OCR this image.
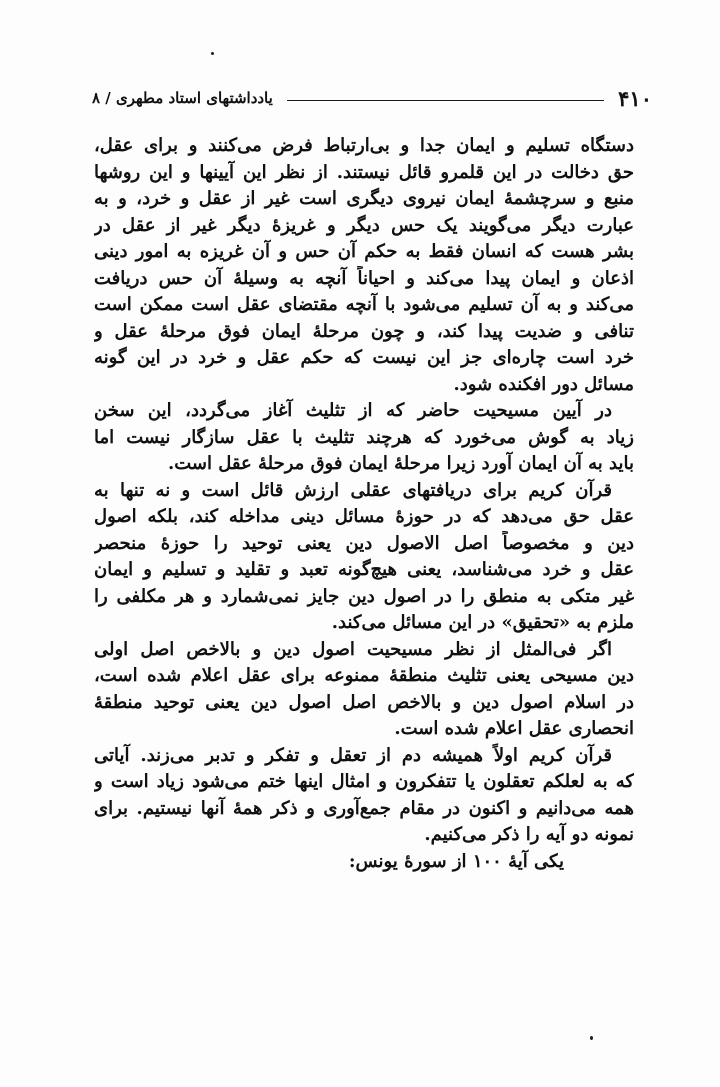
۴۱۰
یادداشتهای استاد مطهری / ۸

دستگاه تسلیم و ایمان جدا و بی‌ارتباط فرض می‌کنند و برای عقل،
حق دخالت در این قلمرو قائل نیستند. از نظر این آیینها و این روشها
منبع و سرچشمهٔ ایمان نیروی دیگری است غیر از عقل و خرد، و به
عبارت دیگر می‌گویند یک حس دیگر و غریزهٔ دیگر غیر از عقل در
بشر هست که انسان فقط به حکم آن حس و آن غریزه به امور دینی
اذعان و ایمان پیدا می‌کند و احیاناً آنچه به وسیلهٔ آن حس دریافت
می‌کند و به آن تسلیم می‌شود با آنچه مقتضای عقل است ممکن است
تنافی و ضدیت پیدا کند، و چون مرحلهٔ ایمان فوق مرحلهٔ عقل و
خرد است چاره‌ای جز این نیست که حکم عقل و خرد در این گونه
مسائل دور افکنده شود.

در آیین مسیحیت حاضر که از تثلیث آغاز می‌گردد، این سخن
زیاد به گوش می‌خورد که هرچند تثلیث با عقل سازگار نیست اما
باید به آن ایمان آورد زیرا مرحلهٔ ایمان فوق مرحلهٔ عقل است.

قرآن کریم برای دریافتهای عقلی ارزش قائل است و نه تنها به
عقل حق می‌دهد که در حوزهٔ مسائل دینی مداخله کند، بلکه اصول
دین و مخصوصاً اصل الاصول دین یعنی توحید را حوزهٔ منحصر
عقل و خرد می‌شناسد، یعنی هیچ‌گونه تعبد و تقلید و تسلیم و ایمان
غیر متکی به منطق را در اصول دین جایز نمی‌شمارد و هر مکلفی را
ملزم به «تحقیق» در این مسائل می‌کند.

اگر فی‌المثل از نظر مسیحیت اصول دین و بالاخص اصل اولی
دین مسیحی یعنی تثلیث منطقهٔ ممنوعه برای عقل اعلام شده است،
در اسلام اصول دین و بالاخص اصل اصول دین یعنی توحید منطقهٔ
انحصاری عقل اعلام شده است.

قرآن کریم اولاً همیشه دم از تعقل و تفکر و تدبر می‌زند. آیاتی
که به لعلکم تعقلون یا تتفکرون و امثال اینها ختم می‌شود زیاد است و
همه می‌دانیم و اکنون در مقام جمع‌آوری و ذکر همهٔ آنها نیستیم. برای
نمونه دو آیه را ذکر می‌کنیم.

یکی آیهٔ ۱۰۰ از سورهٔ یونس:
